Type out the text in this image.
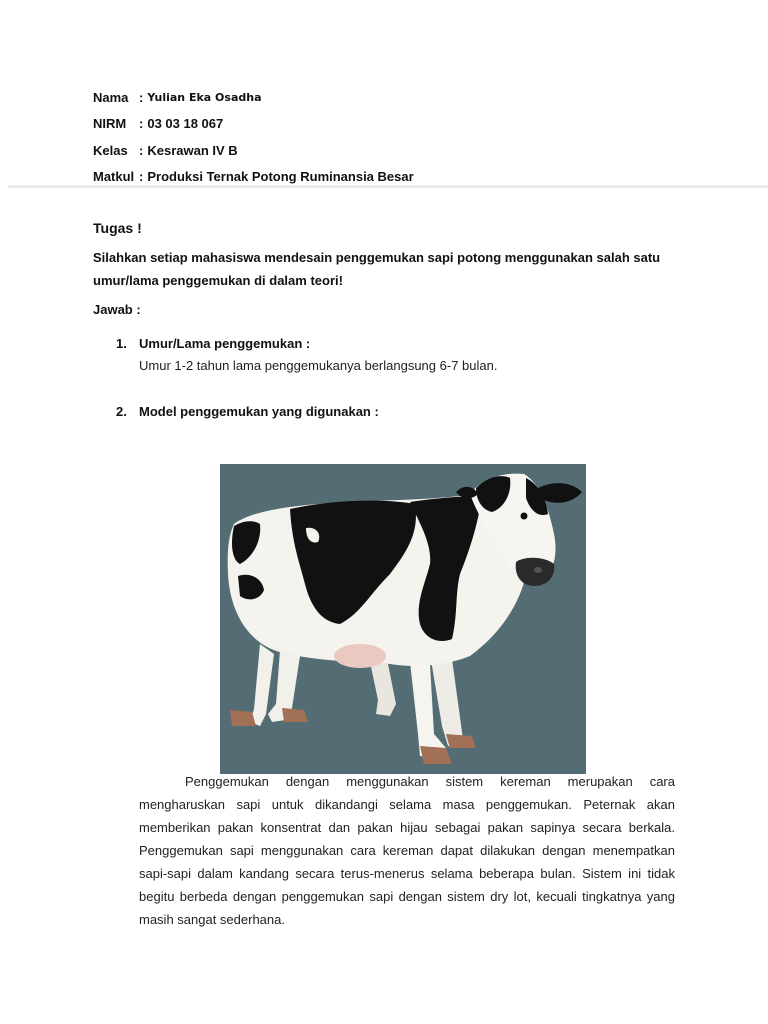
Nama : Yulian Eka Osadha
NIRM : 03 03 18 067
Kelas : Kesrawan IV B
Matkul : Produksi Ternak Potong Ruminansia Besar
Tugas !
Silahkan setiap mahasiswa mendesain penggemukan sapi potong menggunakan salah satu umur/lama penggemukan di dalam teori!
Jawab :
1. Umur/Lama penggemukan :
Umur 1-2 tahun lama penggemukanya berlangsung 6-7 bulan.
2. Model penggemukan yang digunakan :
Penggemukan dengan menggunakan sistem kereman merupakan cara mengharuskan sapi untuk dikandangi selama masa penggemukan. Peternak akan memberikan pakan konsentrat dan pakan hijau sebagai pakan sapinya secara berkala. Penggemukan sapi menggunakan cara kereman dapat dilakukan dengan menempatkan sapi-sapi dalam kandang secara terus-menerus selama beberapa bulan. Sistem ini tidak begitu berbeda dengan penggemukan sapi dengan sistem dry lot, kecuali tingkatnya yang masih sangat sederhana.
